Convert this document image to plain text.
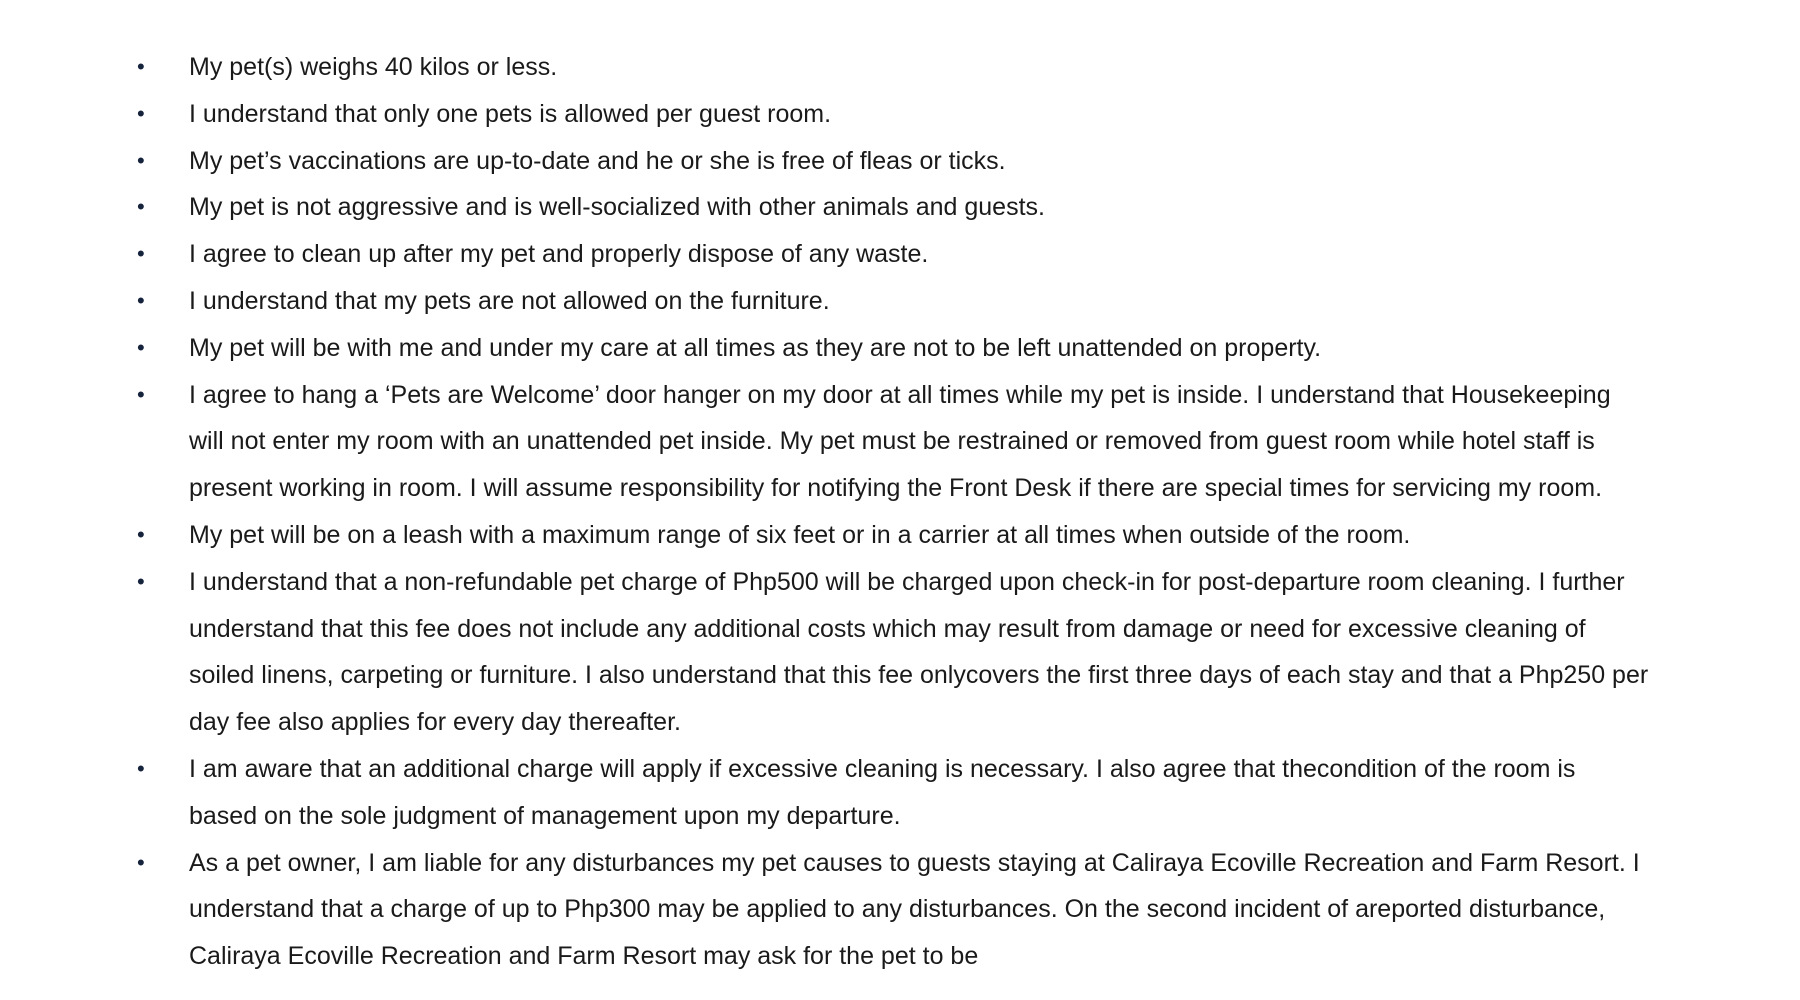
•	My pet(s) weighs 40 kilos or less.
•	I understand that only one pets is allowed per guest room.
•	My pet’s vaccinations are up-to-date and he or she is free of fleas or ticks.
•	My pet is not aggressive and is well-socialized with other animals and guests.
•	I agree to clean up after my pet and properly dispose of any waste.
•	I understand that my pets are not allowed on the furniture.
•	My pet will be with me and under my care at all times as they are not to be left unattended on property.
•	I agree to hang a ‘Pets are Welcome’ door hanger on my door at all times while my pet is inside. I understand that Housekeeping will not enter my room with an unattended pet inside. My pet must be restrained or removed from guest room while hotel staff is present working in room. I will assume responsibility for notifying the Front Desk if there are special times for servicing my room.
•	My pet will be on a leash with a maximum range of six feet or in a carrier at all times when outside of the room.
•	I understand that a non-refundable pet charge of Php500 will be charged upon check-in for post-departure room cleaning. I further understand that this fee does not include any additional costs which may result from damage or need for excessive cleaning of soiled linens, carpeting or furniture. I also understand that this fee onlycovers the first three days of each stay and that a Php250 per day fee also applies for every day thereafter.
•	I am aware that an additional charge will apply if excessive cleaning is necessary. I also agree that thecondition of the room is based on the sole judgment of management upon my departure.
•	As a pet owner, I am liable for any disturbances my pet causes to guests staying at Caliraya Ecoville Recreation and Farm Resort. I understand that a charge of up to Php300 may be applied to any disturbances. On the second incident of areported disturbance, Caliraya Ecoville Recreation and Farm Resort may ask for the pet to be
